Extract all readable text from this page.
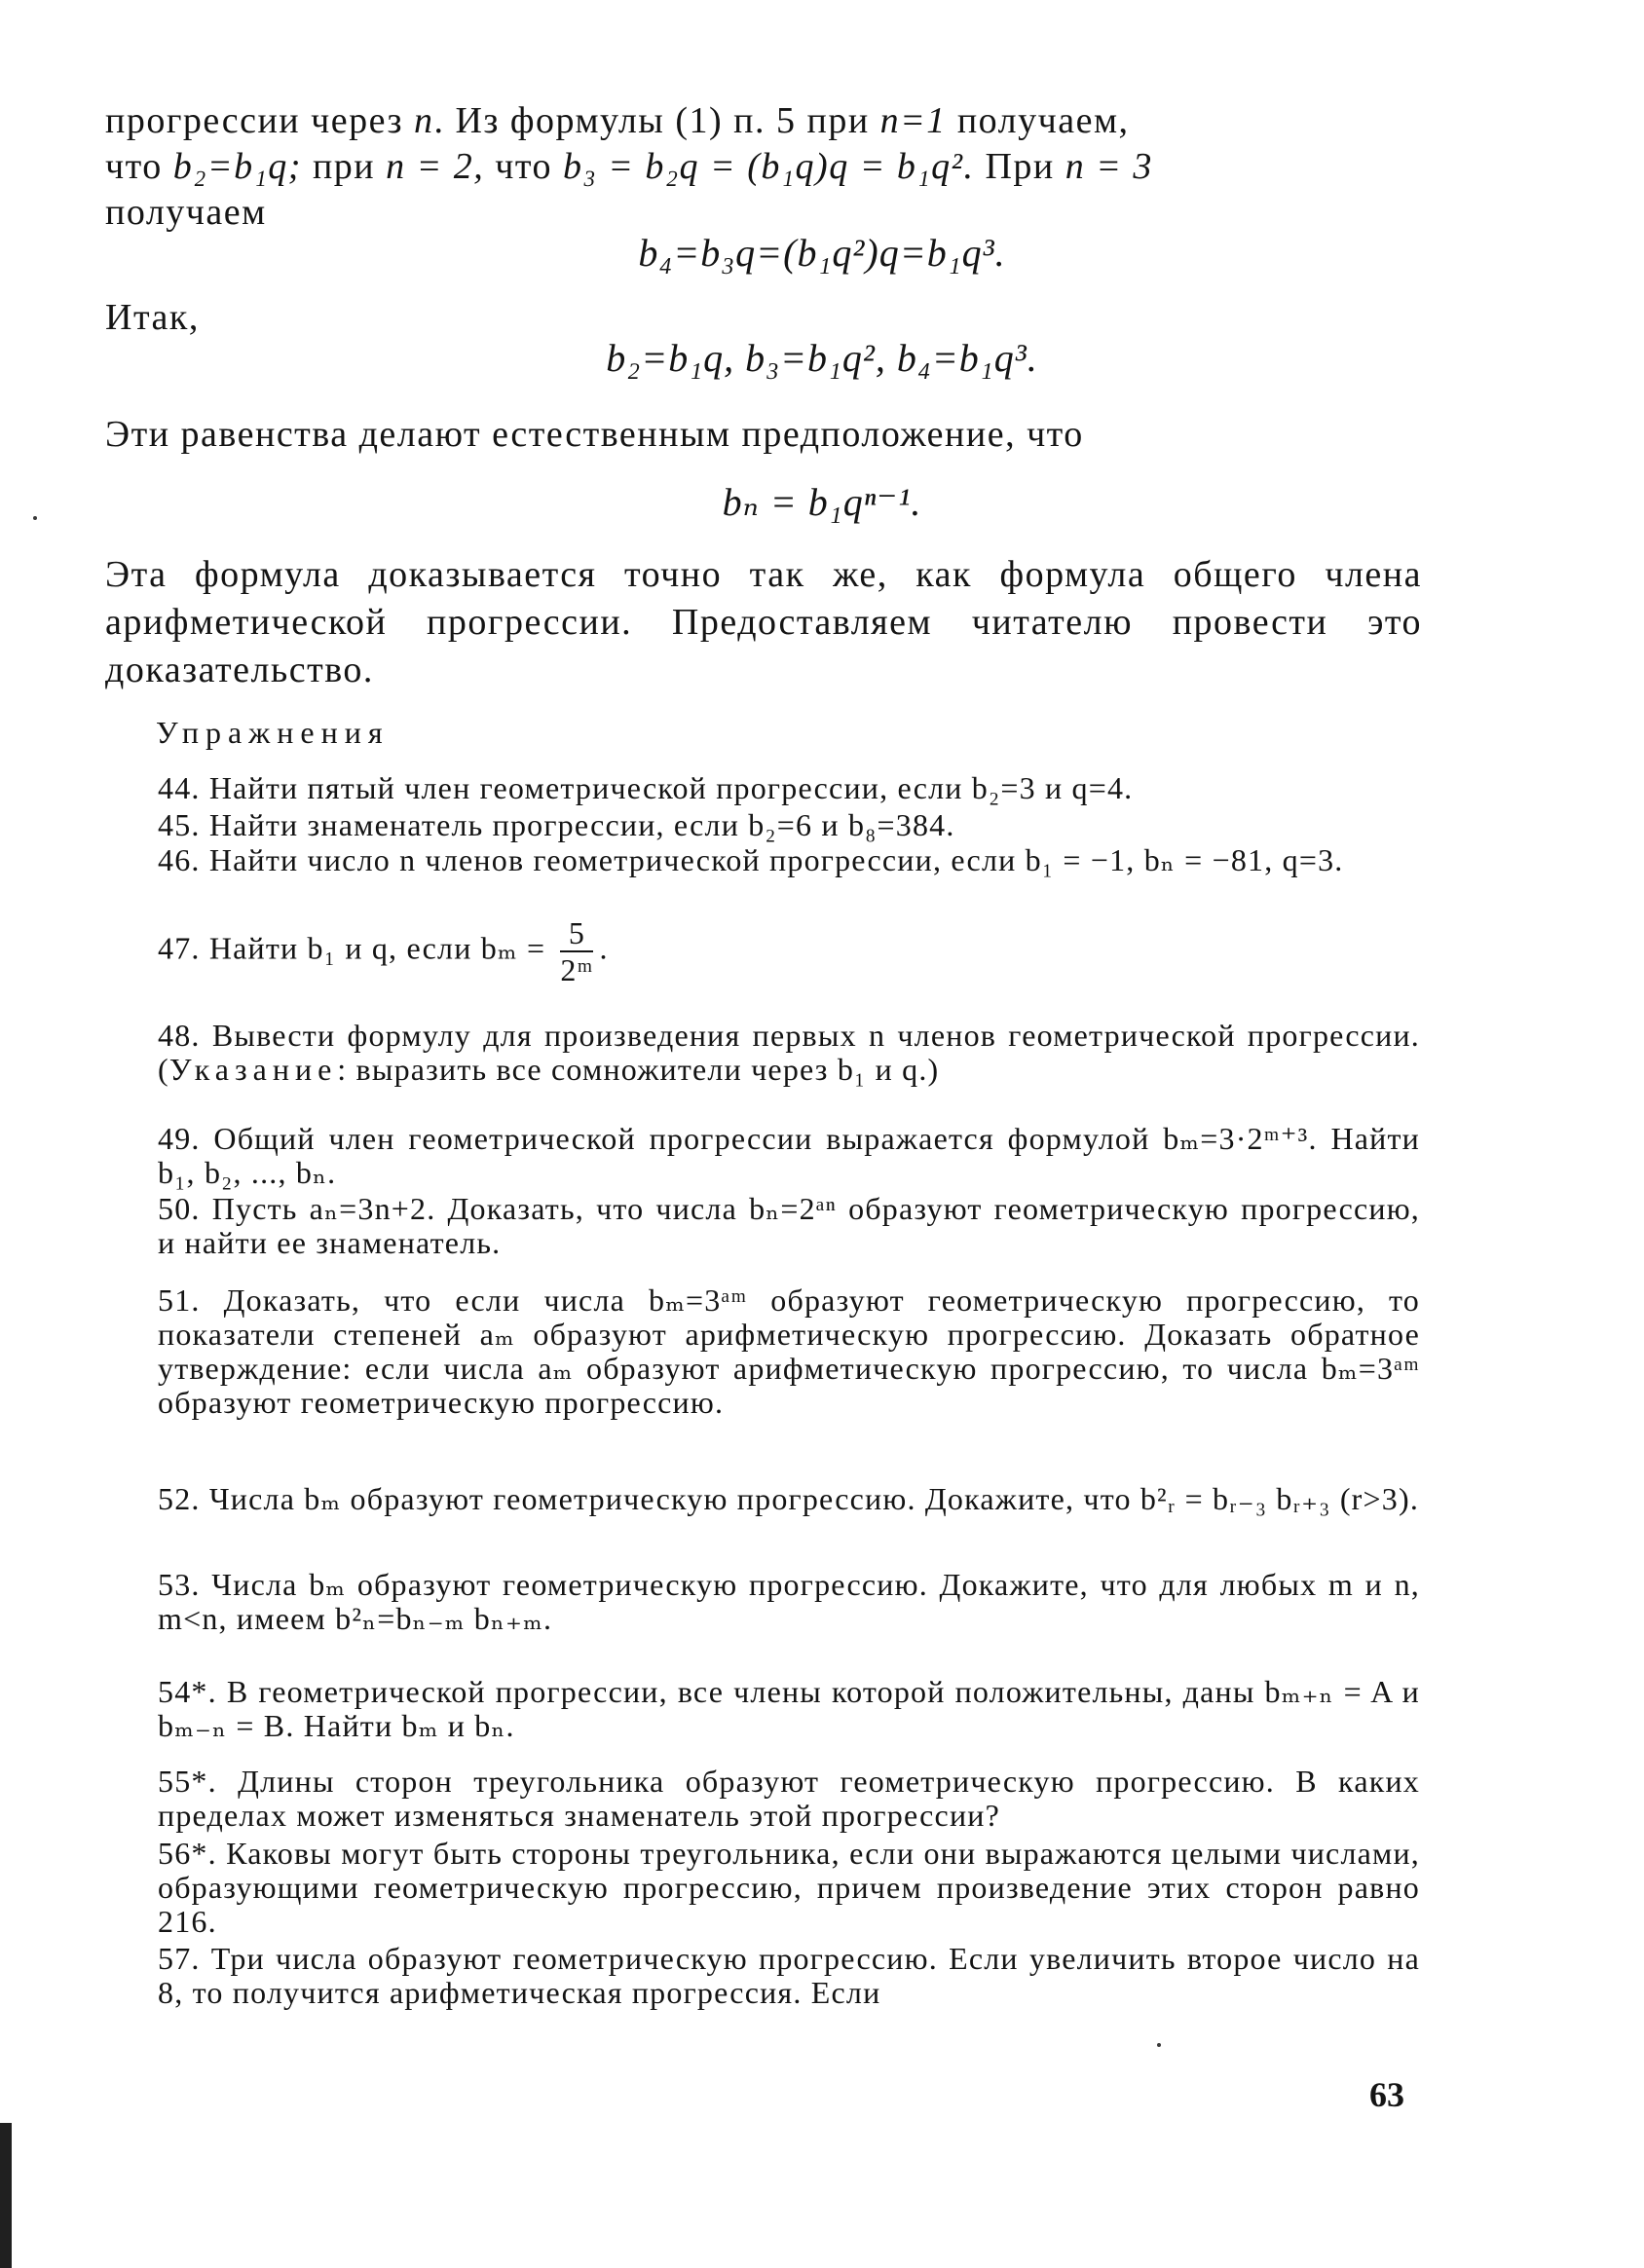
прогрессии через n. Из формулы (1) п. 5 при n=1 получаем,

что b₂=b₁q; при n = 2, что b₃ = b₂q = (b₁q)q = b₁q². При n = 3

получаем

b₄=b₃q=(b₁q²)q=b₁q³.

Итак,

b₂=b₁q, b₃=b₁q², b₄=b₁q³.

Эти равенства делают естественным предположение, что

bₙ = b₁qⁿ⁻¹.

Эта формула доказывается точно так же, как формула общего члена арифметической прогрессии. Предоставляем читателю провести это доказательство.

Упражнения
44. Найти пятый член геометрической прогрессии, если b₂=3 и q=4.
45. Найти знаменатель прогрессии, если b₂=6 и b₈=384.
46. Найти число n членов геометрической прогрессии, если b₁ = −1, bₙ = −81, q=3.
47. Найти b₁ и q, если $b_m = \frac{5}{\text{2ᵐ}}$ .
48. Вывести формулу для произведения первых n членов геометрической прогрессии. (Указание: выразить все сомножители через b₁ и q.)
49. Общий член геометрической прогрессии выражается формулой bₘ=3·2ᵐ⁺³. Найти b₁, b₂, ..., bₙ.
50. Пусть aₙ=3n+2. Доказать, что числа bₙ=2ᵃⁿ образуют геометрическую прогрессию, и найти ее знаменатель.
51. Доказать, что если числа bₘ=3ᵃᵐ образуют геометрическую прогрессию, то показатели степеней aₘ образуют арифметическую прогрессию. Доказать обратное утверждение: если числа aₘ образуют арифметическую прогрессию, то числа bₘ=3ᵃᵐ образуют геометрическую прогрессию.
52. Числа bₘ образуют геометрическую прогрессию. Докажите, что b²ᵣ = bᵣ₋₃ bᵣ₊₃ (r>3).
53. Числа bₘ образуют геометрическую прогрессию. Докажите, что для любых m и n, m<n, имеем b²ₙ=bₙ₋ₘ bₙ₊ₘ.
54*. В геометрической прогрессии, все члены которой положительны, даны bₘ₊ₙ = A и bₘ₋ₙ = B. Найти bₘ и bₙ.
55*. Длины сторон треугольника образуют геометрическую прогрессию. В каких пределах может изменяться знаменатель этой прогрессии?
56*. Каковы могут быть стороны треугольника, если они выражаются целыми числами, образующими геометрическую прогрессию, причем произведение этих сторон равно 216.
57. Три числа образуют геометрическую прогрессию. Если увеличить второе число на 8, то получится арифметическая прогрессия. Если
63
